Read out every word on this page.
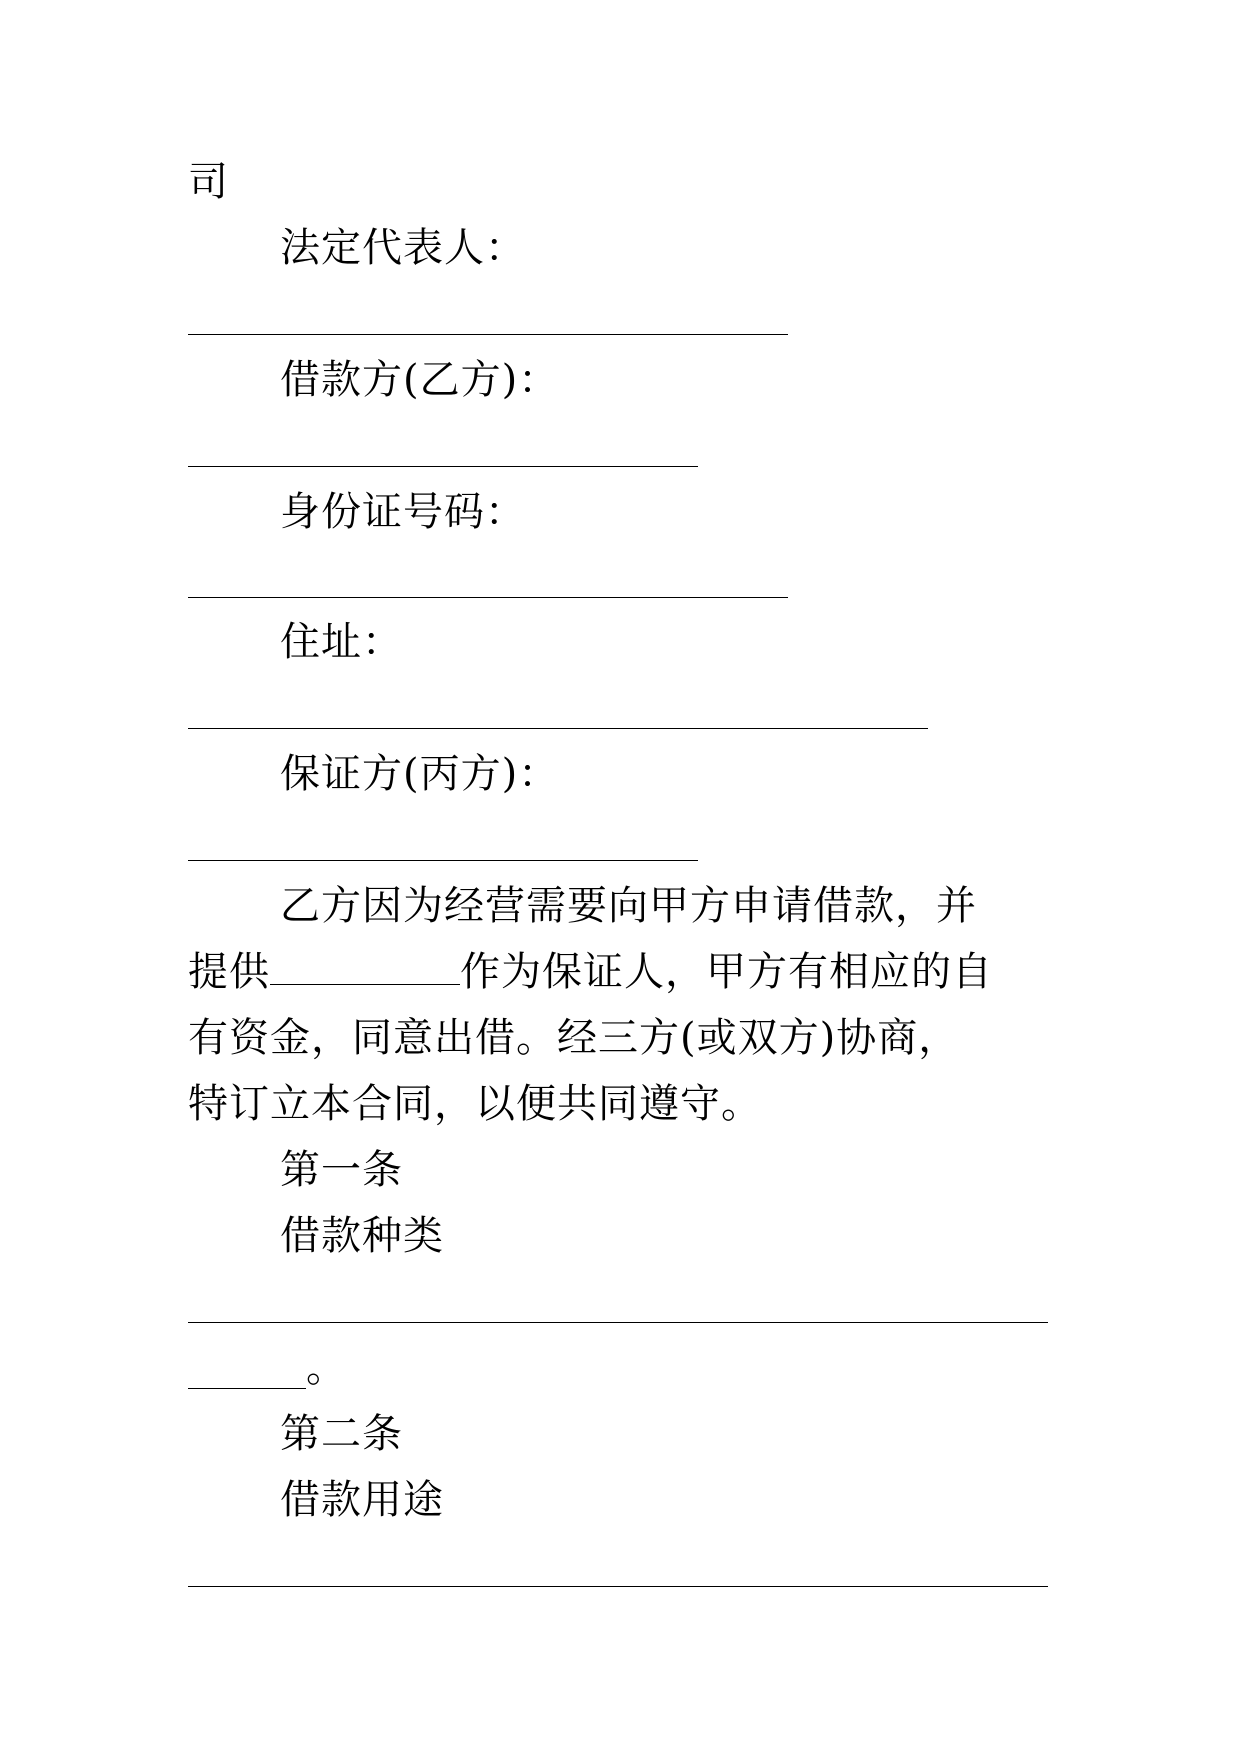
司
法定代表人：
借款方(乙方)：
身份证号码：
住址：
保证方(丙方)：
乙方因为经营需要向甲方申请借款，并
提供	作为保证人，甲方有相应的自
有资金，同意出借。经三方(或双方)协商，
特订立本合同，以便共同遵守。
第一条
借款种类
。
第二条
借款用途
